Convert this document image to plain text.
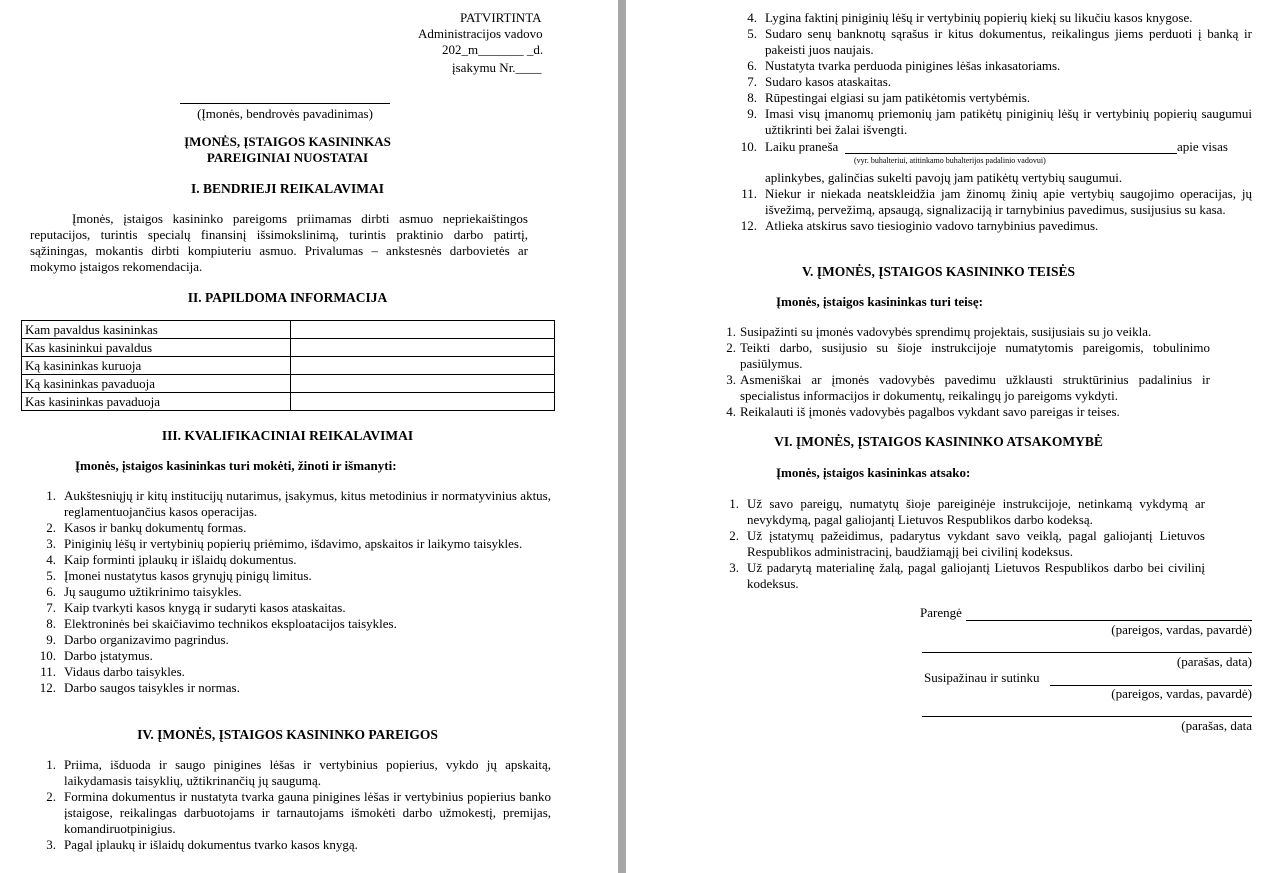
PATVIRTINTA
Administracijos vadovo
202_m_______ _d.
įsakymu Nr.____
(Įmonės, bendrovės pavadinimas)
ĮMONĖS, ĮSTAIGOS KASININKAS
PAREIGINIAI NUOSTATAI
I. BENDRIEJI REIKALAVIMAI
Įmonės, įstaigos kasininko pareigoms priimamas dirbti asmuo nepriekaištingos reputacijos, turintis specialų finansinį išsimokslinimą, turintis praktinio darbo patirtį, sąžiningas, mokantis dirbti kompiuteriu asmuo. Privalumas – ankstesnės darbovietės ar mokymo įstaigos rekomendacija.
II. PAPILDOMA INFORMACIJA
Kam pavaldus kasininkas	
Kas kasininkui pavaldus	
Ką kasininkas kuruoja	
Ką kasininkas pavaduoja	
Kas kasininkas pavaduoja	
III. KVALIFIKACINIAI REIKALAVIMAI
Įmonės, įstaigos kasininkas turi mokėti, žinoti ir išmanyti:
1. Aukštesniųjų ir kitų institucijų nutarimus, įsakymus, kitus metodinius ir normatyvinius aktus, reglamentuojančius kasos operacijas.
2. Kasos ir bankų dokumentų formas.
3. Piniginių lėšų ir vertybinių popierių priėmimo, išdavimo, apskaitos ir laikymo taisykles.
4. Kaip forminti įplaukų ir išlaidų dokumentus.
5. Įmonei nustatytus kasos grynųjų pinigų limitus.
6. Jų saugumo užtikrinimo taisykles.
7. Kaip tvarkyti kasos knygą ir sudaryti kasos ataskaitas.
8. Elektroninės bei skaičiavimo technikos eksploatacijos taisykles.
9. Darbo organizavimo pagrindus.
10. Darbo įstatymus.
11. Vidaus darbo taisykles.
12. Darbo saugos taisykles ir normas.
IV. ĮMONĖS, ĮSTAIGOS KASININKO PAREIGOS
1. Priima, išduoda ir saugo pinigines lėšas ir vertybinius popierius, vykdo jų apskaitą, laikydamasis taisyklių, užtikrinančių jų saugumą.
2. Formina dokumentus ir nustatyta tvarka gauna pinigines lėšas ir vertybinius popierius banko įstaigose, reikalingas darbuotojams ir tarnautojams išmokėti darbo užmokestį, premijas, komandiruotpinigius.
3. Pagal įplaukų ir išlaidų dokumentus tvarko kasos knygą.
4. Lygina faktinį piniginių lėšų ir vertybinių popierių kiekį su likučiu kasos knygose.
5. Sudaro senų banknotų sąrašus ir kitus dokumentus, reikalingus jiems perduoti į banką ir pakeisti juos naujais.
6. Nustatyta tvarka perduoda pinigines lėšas inkasatoriams.
7. Sudaro kasos ataskaitas.
8. Rūpestingai elgiasi su jam patikėtomis vertybėmis.
9. Imasi visų įmanomų priemonių jam patikėtų piniginių lėšų ir vertybinių popierių saugumui užtikrinti bei žalai išvengti.
10. Laiku praneša	apie visas
(vyr. buhalteriui, atitinkamo buhalterijos padalinio vadovui)
aplinkybes, galinčias sukelti pavojų jam patikėtų vertybių saugumui.
11. Niekur ir niekada neatskleidžia jam žinomų žinių apie vertybių saugojimo operacijas, jų išvežimą, pervežimą, apsaugą, signalizaciją ir tarnybinius pavedimus, susijusius su kasa.
12. Atlieka atskirus savo tiesioginio vadovo tarnybinius pavedimus.
V. ĮMONĖS, ĮSTAIGOS KASININKO TEISĖS
Įmonės, įstaigos kasininkas turi teisę:
1. Susipažinti su įmonės vadovybės sprendimų projektais, susijusiais su jo veikla.
2. Teikti darbo, susijusio su šioje instrukcijoje numatytomis pareigomis, tobulinimo pasiūlymus.
3. Asmeniškai ar įmonės vadovybės pavedimu užklausti struktūrinius padalinius ir specialistus informacijos ir dokumentų, reikalingų jo pareigoms vykdyti.
4. Reikalauti iš įmonės vadovybės pagalbos vykdant savo pareigas ir teises.
VI. ĮMONĖS, ĮSTAIGOS KASININKO ATSAKOMYBĖ
Įmonės, įstaigos kasininkas atsako:
1. Už savo pareigų, numatytų šioje pareiginėje instrukcijoje, netinkamą vykdymą ar nevykdymą, pagal galiojantį Lietuvos Respublikos darbo kodeksą.
2. Už įstatymų pažeidimus, padarytus vykdant savo veiklą, pagal galiojantį Lietuvos Respublikos administracinį, baudžiamąjį bei civilinį kodeksus.
3. Už padarytą materialinę žalą, pagal galiojantį Lietuvos Respublikos darbo bei civilinį kodeksus.
Parengė
(pareigos, vardas, pavardė)
(parašas, data)
Susipažinau ir sutinku
(pareigos, vardas, pavardė)
(parašas, data
